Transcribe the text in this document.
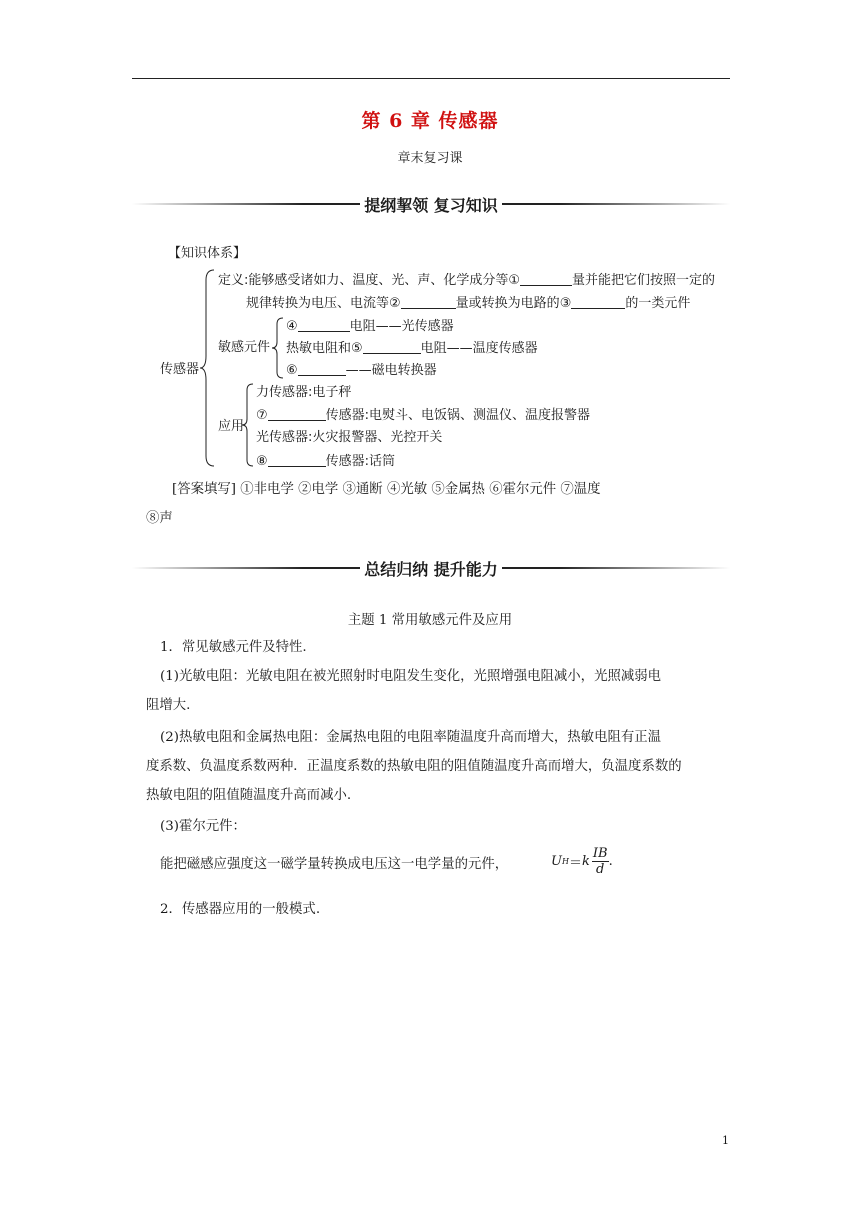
第 6 章 传感器
章末复习课
提纲挈领 复习知识
【知识体系】
传感器
定义:能够感受诸如力、温度、光、声、化学成分等①	量并能把它们按照一定的
规律转换为电压、电流等②	量或转换为电路的③	的一类元件
敏感元件
④	电阻——光传感器
热敏电阻和⑤	电阻——温度传感器
⑥	——磁电转换器
应用
力传感器:电子秤
⑦	传感器:电熨斗、电饭锅、测温仪、温度报警器
光传感器:火灾报警器、光控开关
⑧	传感器:话筒
[答案填写] ①非电学 ②电学 ③通断 ④光敏 ⑤金属热 ⑥霍尔元件 ⑦温度
⑧声
总结归纳 提升能力
主题 1 常用敏感元件及应用
1．常见敏感元件及特性.
(1)光敏电阻：光敏电阻在被光照射时电阻发生变化，光照增强电阻减小，光照减弱电
阻增大.
(2)热敏电阻和金属热电阻：金属热电阻的电阻率随温度升高而增大，热敏电阻有正温
度系数、负温度系数两种．正温度系数的热敏电阻的阻值随温度升高而增大，负温度系数的
热敏电阻的阻值随温度升高而减小.
(3)霍尔元件：
能把磁感应强度这一磁学量转换成电压这一电学量的元件，	U H ＝ k $\frac{IB}{d}$ .
2．传感器应用的一般模式.
1
